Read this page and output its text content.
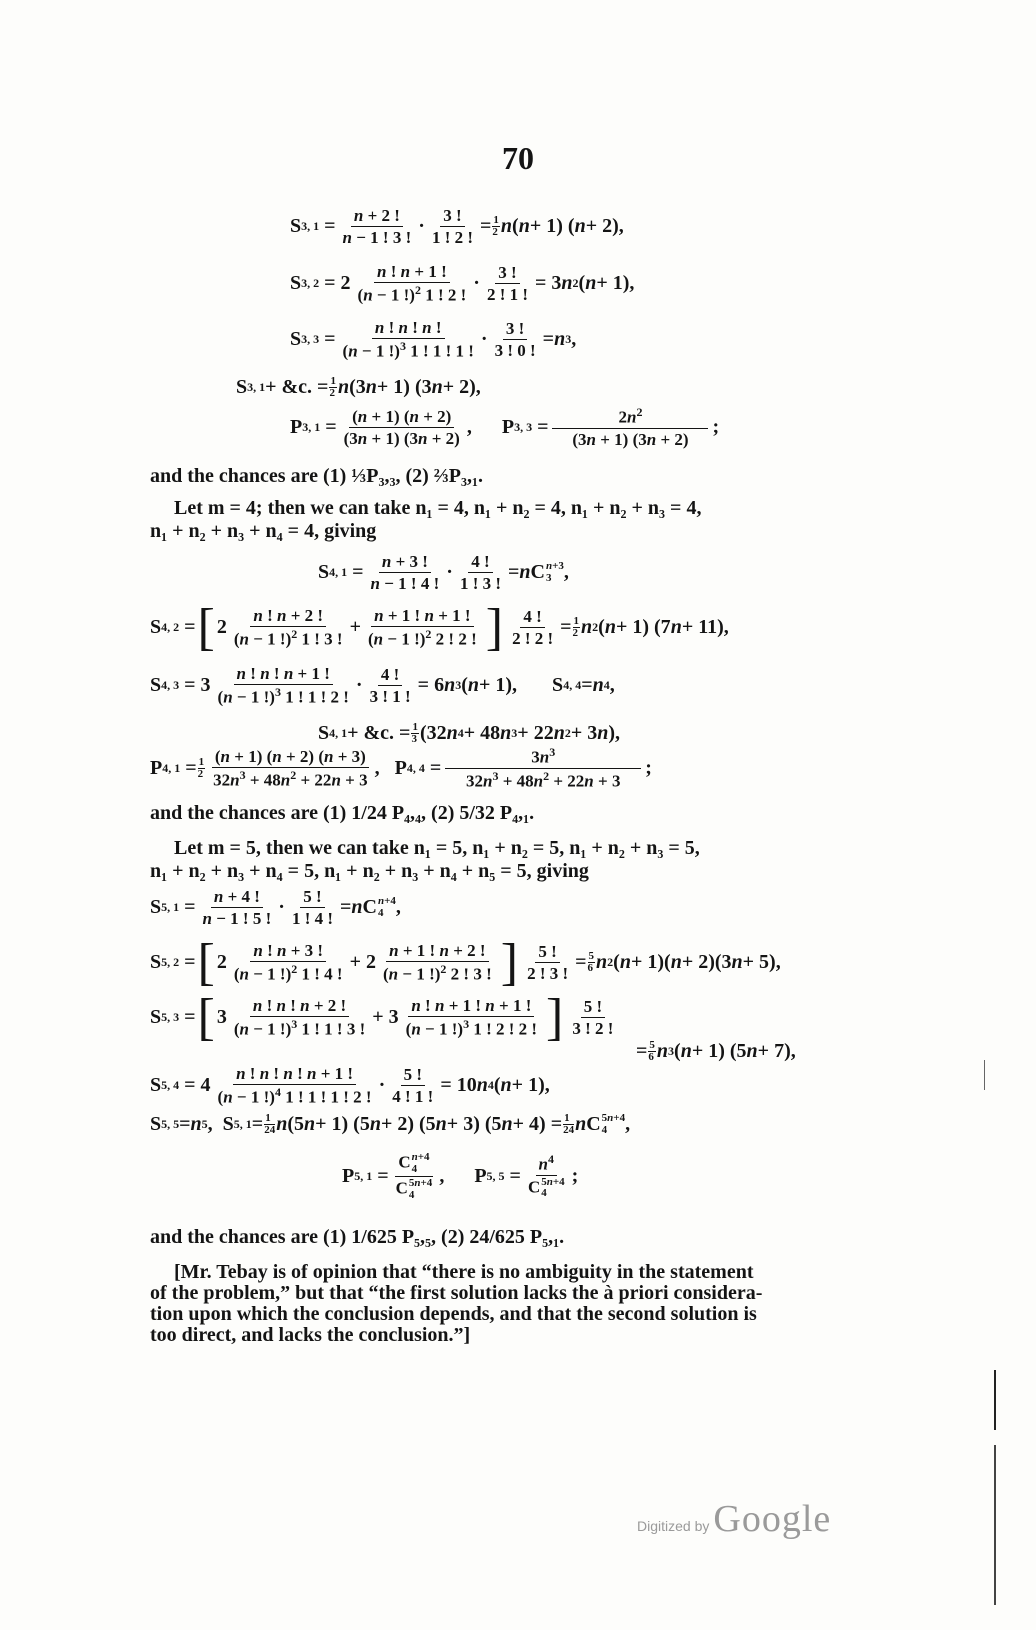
70
S 3, $1 = \frac{n + 2 !}{n - 1 ! 3 !} \cdot \frac{3 !}{1 ! 2 !} = 1$
2 n ( n + 1) ( n + 2),
S 3, $2 = 2 \frac{n ! n + 1 !}{(n - 1 !)^2 1 ! 2 !} \cdot \frac{3 !}{2 ! 1 !} = 3$ n 2 ( n + 1),
S 3, $3 = \frac{n ! n ! n !}{(n - 1 !)^3 1 ! 1 ! 1 !} \cdot \frac{3 !}{3 ! 0 !} = n$ 3 ,
S 3, 1 + &c. = 1
2 n (3 n + 1) (3 n + 2),
P 3, $1 = \frac{(n + 1) (n + 2)}{(3n + 1) (3n + 2)}$ ,      P 3, $3 = \frac{2n^2}{(3n + 1) (3n + 2)}$ ;
and the chances are (1) ⅓P₃,₃, (2) ⅔P₃,₁.
Let m = 4; then we can take n₁ = 4, n₁ + n₂ = 4, n₁ + n₂ + n₃ = 4,
n₁ + n₂ + n₃ + n₄ = 4, giving
S 4, $1 = \frac{n + 3 !}{n - 1 ! 4 !} \cdot \frac{4 !}{1 ! 3 !} = n$ C n+3
3 ,
S 4, 2 = [ $2 \frac{n ! n + 2 !}{(n - 1 !)^2 1 ! 3 !} + \frac{n + 1 ! n + 1 !}{(n - 1 !)^2 2 ! 2 !}$ ] $\frac{4 !}{2 ! 2 !} = 1$
2 n 2 ( n + 1) (7 n + 11),
S 4, $3 = 3 \frac{n ! n ! n + 1 !}{(n - 1 !)^3 1 ! 1 ! 2 !} \cdot \frac{4 !}{3 ! 1 !} = 6$ n 3 ( n + 1),       S 4, 4 = n 4 ,
S 4, 1 + &c. = 1
3 (32 n 4 + 48 n 3 + 22 n 2 + 3 n ),
P 4, 1 = 1
$2 \frac{(n + 1) (n + 2) (n + 3)}{32n^3 + 48n^2 + 22n + 3}$ ,   P 4, $4 = \frac{3n^3}{32n^3 + 48n^2 + 22n + 3}$ ;
and the chances are (1) 1/24 P₄,₄, (2) 5/32 P₄,₁.
Let m = 5, then we can take n₁ = 5, n₁ + n₂ = 5, n₁ + n₂ + n₃ = 5,
n₁ + n₂ + n₃ + n₄ = 5, n₁ + n₂ + n₃ + n₄ + n₅ = 5, giving
S 5, $1 = \frac{n + 4 !}{n - 1 ! 5 !} \cdot \frac{5 !}{1 ! 4 !} = n$ C n+4
4 ,
S 5, 2 = [ $2 \frac{n ! n + 3 !}{(n - 1 !)^2 1 ! 4 !} + 2 \frac{n + 1 ! n + 2 !}{(n - 1 !)^2 2 ! 3 !}$ ] $\frac{5 !}{2 ! 3 !} = 5$
6 n 2 ( n + 1)( n + 2)(3 n + 5),
S 5, 3 = [ $3 \frac{n ! n ! n + 2 !}{(n - 1 !)^3 1 ! 1 ! 3 !} + 3 \frac{n ! n + 1 ! n + 1 !}{(n - 1 !)^3 1 ! 2 ! 2 !}$ ] $\frac{5 !}{3 ! 2 !}$
= 5
6 n 3 ( n + 1) (5 n + 7),
S 5, $4 = 4 \frac{n ! n ! n ! n + 1 !}{(n - 1 !)^4 1 ! 1 ! 1 ! 2 !} \cdot \frac{5 !}{4 ! 1 !} = 10$ n 4 ( n + 1),
S 5, 5 = n 5 ,  S 5, 1 = 1
24 n (5 n + 1) (5 n + 2) (5 n + 3) (5 n + 4) = 1
24 n C 5n+4
4 ,
P 5, 1 = C n+4
4
C 5n+4
4 ,      P 5, $5 = n^4$
C 5n+4
4 ;
and the chances are (1) 1/625 P₅,₅, (2) 24/625 P₅,₁.
[Mr. Tebay is of opinion that “there is no ambiguity in the statement
of the problem,” but that “the first solution lacks the à priori considera-
tion upon which the conclusion depends, and that the second solution is
too direct, and lacks the conclusion.”]
Digitized by Google
